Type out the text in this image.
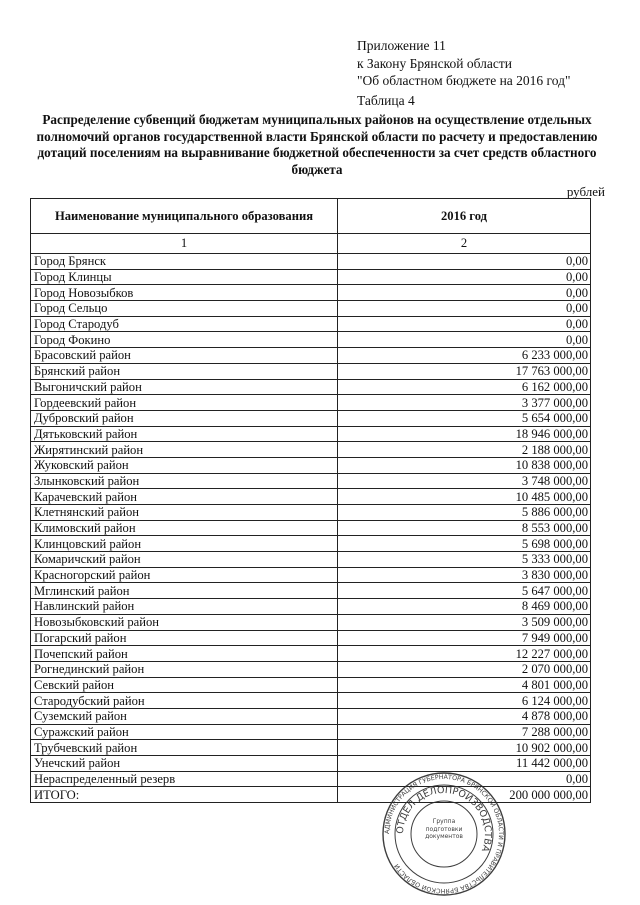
Приложение 11
к Закону Брянской области
"Об областном бюджете на 2016 год"
Таблица 4
Распределение субвенций бюджетам муниципальных районов на осуществление отдельных полномочий органов государственной власти Брянской области по расчету и предоставлению дотаций поселениям на выравнивание бюджетной обеспеченности за счет средств областного бюджета
рублей
Наименование муниципального образования	2016 год
1	2
Город Брянск	0,00
Город Клинцы	0,00
Город Новозыбков	0,00
Город Сельцо	0,00
Город Стародуб	0,00
Город Фокино	0,00
Брасовский район	6 233 000,00
Брянский район	17 763 000,00
Выгоничский район	6 162 000,00
Гордеевский район	3 377 000,00
Дубровский район	5 654 000,00
Дятьковский район	18 946 000,00
Жирятинский район	2 188 000,00
Жуковский район	10 838 000,00
Злынковский район	3 748 000,00
Карачевский район	10 485 000,00
Клетнянский район	5 886 000,00
Климовский район	8 553 000,00
Клинцовский район	5 698 000,00
Комаричский район	5 333 000,00
Красногорский район	3 830 000,00
Мглинский район	5 647 000,00
Навлинский район	8 469 000,00
Новозыбковский район	3 509 000,00
Погарский район	7 949 000,00
Почепский район	12 227 000,00
Рогнединский район	2 070 000,00
Севский район	4 801 000,00
Стародубский район	6 124 000,00
Суземский район	4 878 000,00
Суражский район	7 288 000,00
Трубчевский район	10 902 000,00
Унечский район	11 442 000,00
Нераспределенный резерв	0,00
ИТОГО:	200 000 000,00
АДМИНИСТРАЦИЯ ГУБЕРНАТОРА БРЯНСКОЙ ОБЛАСТИ И ПРАВИТЕЛЬСТВА БРЯНСКОЙ ОБЛАСТИ
ОТДЕЛ ДЕЛОПРОИЗВОДСТВА
Группа подготовки документов
